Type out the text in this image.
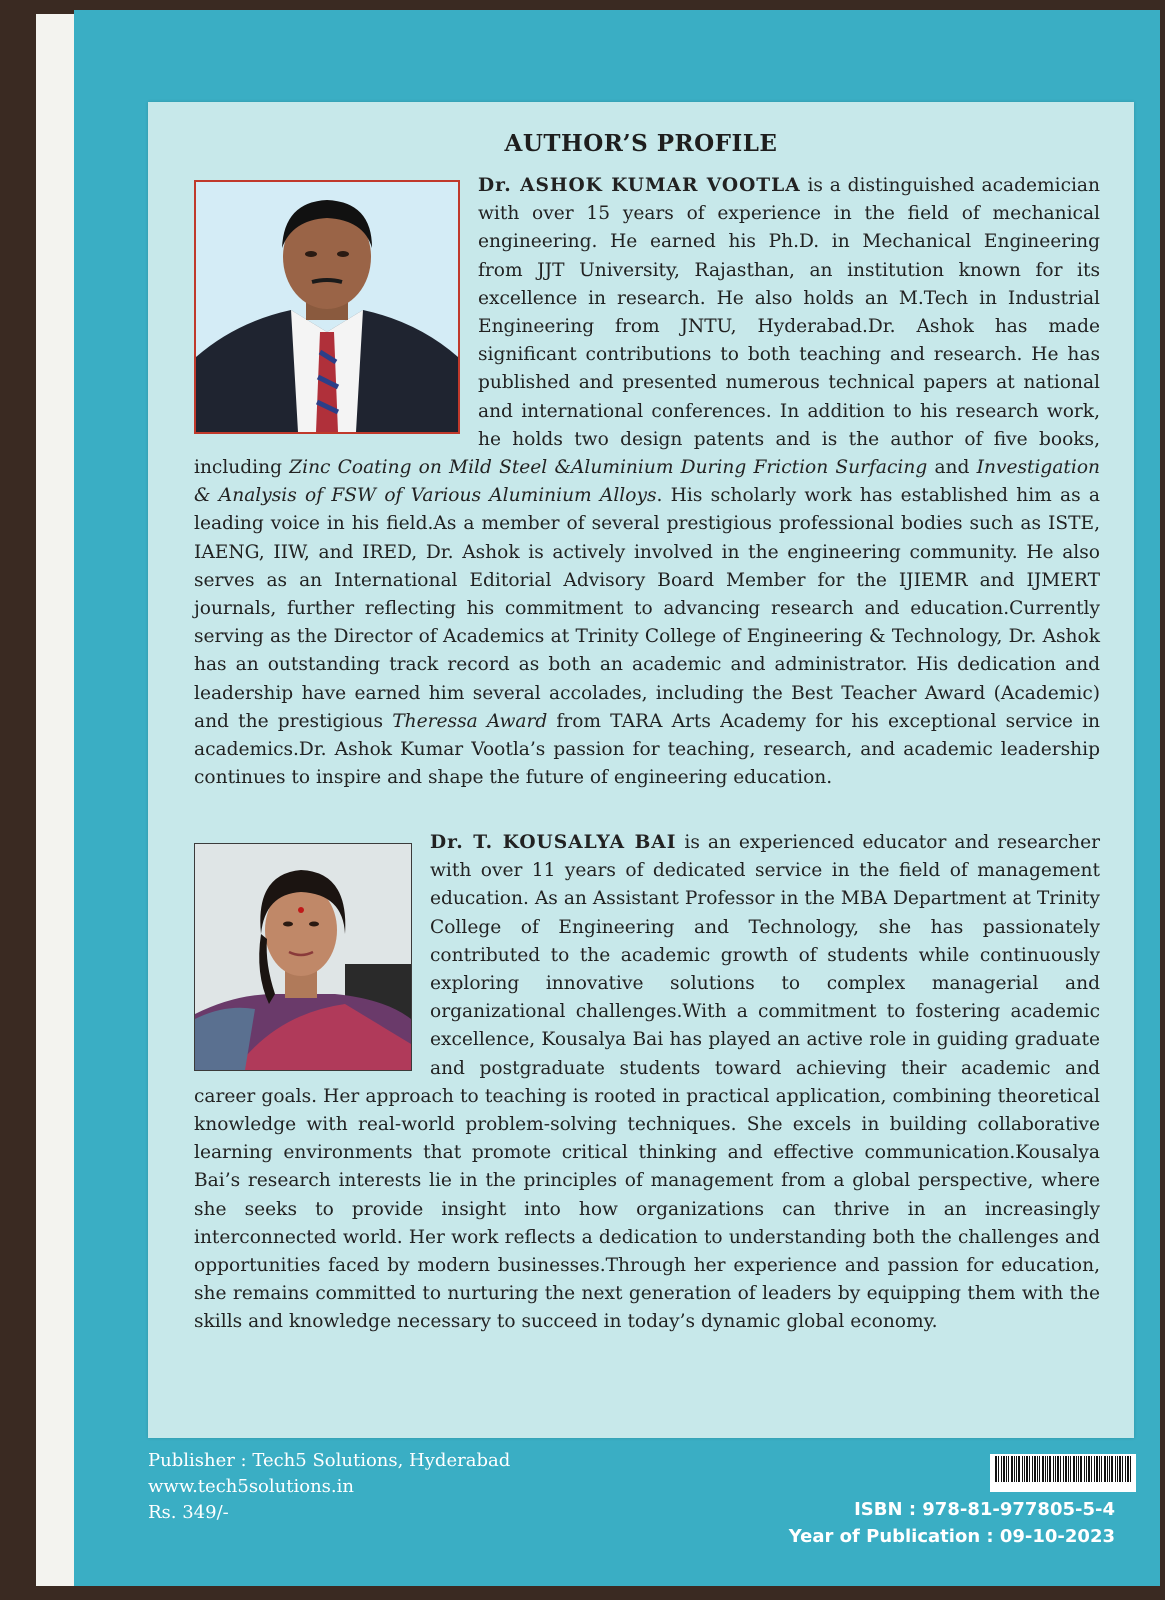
AUTHOR’S PROFILE
Dr. ASHOK KUMAR VOOTLA is a distinguished academician with over 15 years of experience in the field of mechanical engineering. He earned his Ph.D. in Mechanical Engineering from JJT University, Rajasthan, an institution known for its excellence in research. He also holds an M.Tech in Industrial Engineering from JNTU, Hyderabad.Dr. Ashok has made significant contributions to both teaching and research. He has published and presented numerous technical papers at national and international conferences. In addition to his research work, he holds two design patents and is the author of five books, including Zinc Coating on Mild Steel &Aluminium During Friction Surfacing and Investigation & Analysis of FSW of Various Aluminium Alloys. His scholarly work has established him as a leading voice in his field.As a member of several prestigious professional bodies such as ISTE, IAENG, IIW, and IRED, Dr. Ashok is actively involved in the engineering community. He also serves as an International Editorial Advisory Board Member for the IJIEMR and IJMERT journals, further reflecting his commitment to advancing research and education.Currently serving as the Director of Academics at Trinity College of Engineering & Technology, Dr. Ashok has an outstanding track record as both an academic and administrator. His dedication and leadership have earned him several accolades, including the Best Teacher Award (Academic) and the prestigious Theressa Award from TARA Arts Academy for his exceptional service in academics.Dr. Ashok Kumar Vootla’s passion for teaching, research, and academic leadership continues to inspire and shape the future of engineering education.
Dr. T. KOUSALYA BAI is an experienced educator and researcher with over 11 years of dedicated service in the field of management education. As an Assistant Professor in the MBA Department at Trinity College of Engineering and Technology, she has passionately contributed to the academic growth of students while continuously exploring innovative solutions to complex managerial and organizational challenges.With a commitment to fostering academic excellence, Kousalya Bai has played an active role in guiding graduate and postgraduate students toward achieving their academic and career goals. Her approach to teaching is rooted in practical application, combining theoretical knowledge with real-world problem-solving techniques. She excels in building collaborative learning environments that promote critical thinking and effective communication.Kousalya Bai’s research interests lie in the principles of management from a global perspective, where she seeks to provide insight into how organizations can thrive in an increasingly interconnected world. Her work reflects a dedication to understanding both the challenges and opportunities faced by modern businesses.Through her experience and passion for education, she remains committed to nurturing the next generation of leaders by equipping them with the skills and knowledge necessary to succeed in today’s dynamic global economy.
Publisher : Tech5 Solutions, Hyderabad
www.tech5solutions.in
Rs. 349/-	ISBN : 978-81-977805-5-4
Year of Publication : 09-10-2023
